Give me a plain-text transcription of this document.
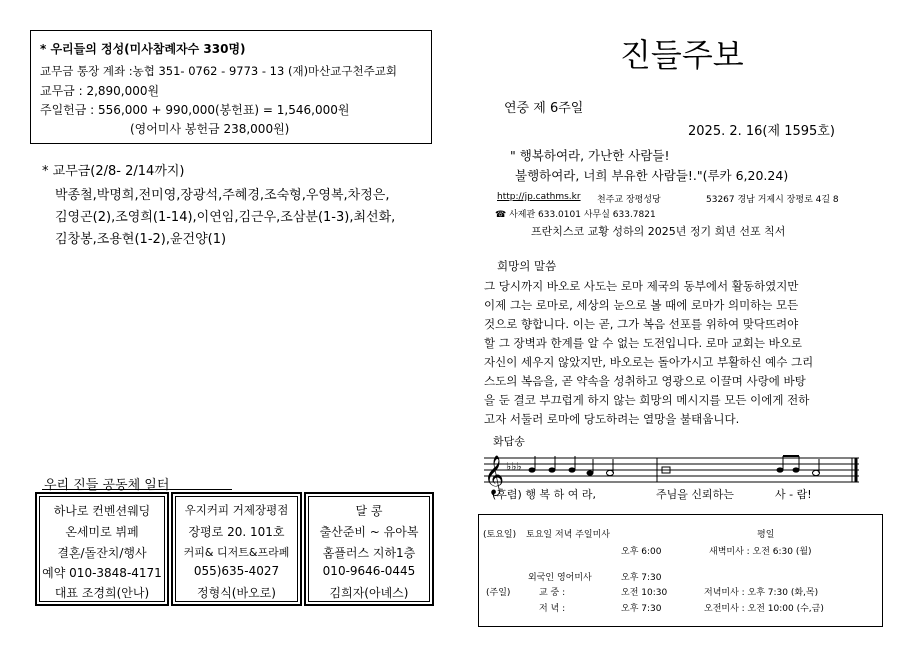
* 우리들의 정성(미사참례자수 330명)
교무금 통장 계좌 :농협 351- 0762 - 9773 - 13 (재)마산교구천주교회
교무금 : 2,890,000원
주일헌금 : 556,000 + 990,000(봉헌표) = 1,546,000원
(영어미사 봉헌금 238,000원)
* 교무금(2/8- 2/14까지)
박종철,박명희,전미영,장광석,주혜경,조숙형,우영복,차정은,
김영곤(2),조영희(1-14),이연임,김근우,조삼분(1-3),최선화,
김창봉,조용현(1-2),윤건양(1)
우리 진들 공동체 일터
하나로 컨벤션웨딩
온세미로 뷔페
결혼/돌잔치/행사
예약 010-3848-4171
대표 조경희(안나)
우지커피 거제장평점
장평로 20. 101호
커피& 디저트&프라페
055)635-4027
정형식(바오로)
달 콩
출산준비 ~ 유아복
홈플러스 지하1층
010-9646-0445
김희자(아녜스)
진들주보
연중 제 6주일
2025. 2. 16(제 1595호)
" 행복하여라, 가난한 사람들!
불행하여라, 너희 부유한 사람들!."(루카 6,20.24)
http://jp.cathms.kr 천주교 장평성당	53267 경남 거제시 장평로 4길 8
☎ 사제관 633.0101 사무실 633.7821
프란치스코 교황 성하의 2025년 정기 희년 선포 칙서
희망의 말씀
그 당시까지 바오로 사도는 로마 제국의 동부에서 활동하였지만
이제 그는 로마로, 세상의 눈으로 볼 때에 로마가 의미하는 모든
것으로 향합니다. 이는 곧, 그가 복음 선포를 위하여 맞닥뜨려야
할 그 장벽과 한계를 알 수 없는 도전입니다. 로마 교회는 바오로
자신이 세우지 않았지만, 바오로는 돌아가시고 부활하신 예수 그리
스도의 복음을, 곧 약속을 성취하고 영광으로 이끌며 사랑에 바탕
을 둔 결코 부끄럽게 하지 않는 희망의 메시지를 모든 이에게 전하
고자 서둘러 로마에 당도하려는 열망을 불태웁니다.
화답송
𝄞 ♭♭♭
(후렴) 행 복 하 여 라,	주님을 신뢰하는	사 - 람!
(토요일) 토요일 저녁 주일미사	평일
오후 6:00	새벽미사 : 오전 6:30 (월)
외국인 영어미사	오후 7:30
(주일)	교 중 :	오전 10:30	저녁미사 : 오후 7:30 (화,목)
저 녁 :	오후 7:30	오전미사 : 오전 10:00 (수,금)
